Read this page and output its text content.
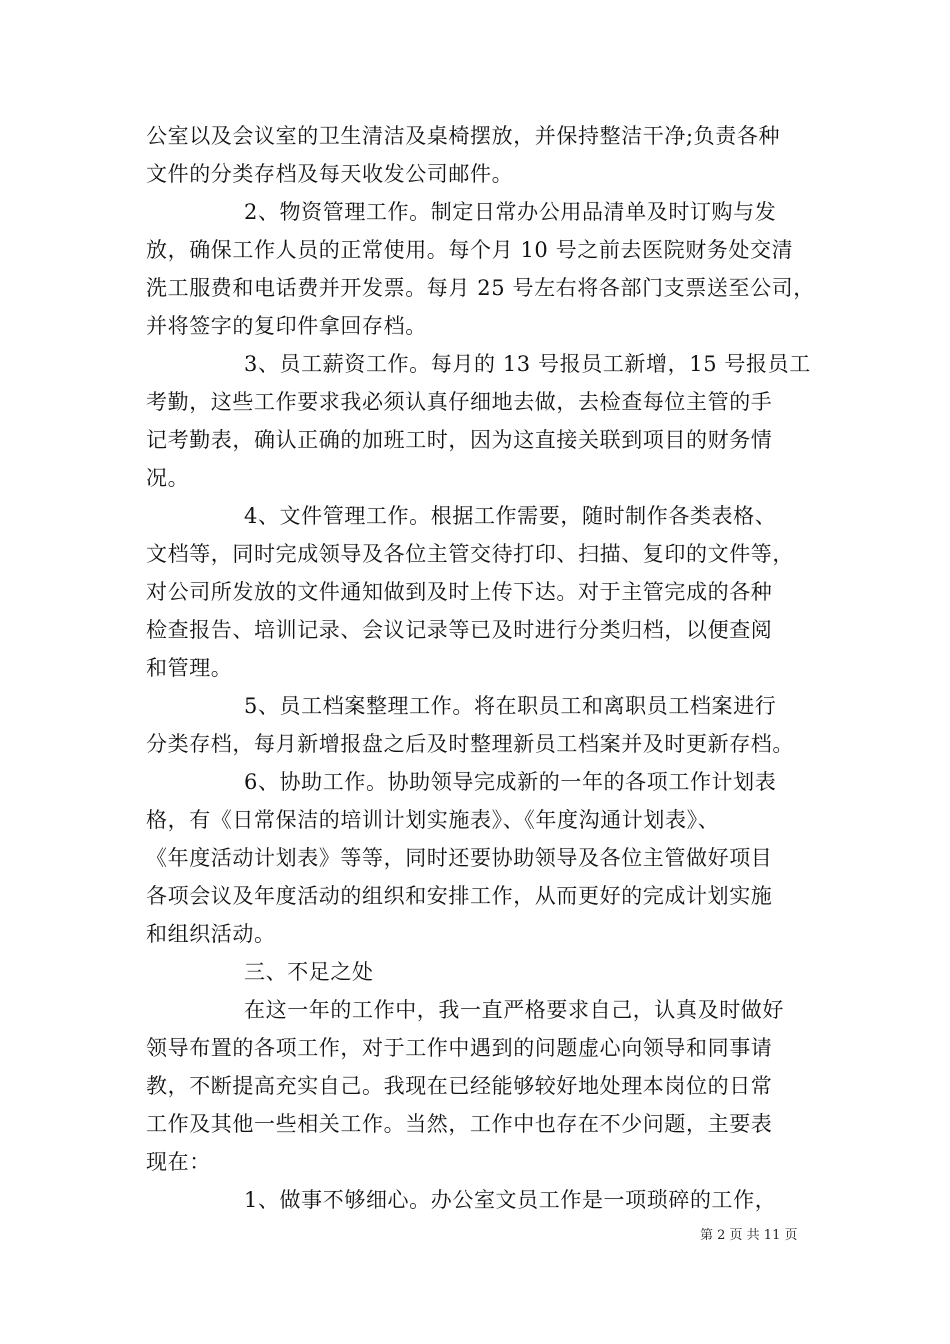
公室以及会议室的卫生清洁及桌椅摆放，并保持整洁干净;负责各种
文件的分类存档及每天收发公司邮件。
2、物资管理工作。制定日常办公用品清单及时订购与发
放，确保工作人员的正常使用。每个月 10 号之前去医院财务处交清
洗工服费和电话费并开发票。每月 25 号左右将各部门支票送至公司，
并将签字的复印件拿回存档。
3、员工薪资工作。每月的 13 号报员工新增，15 号报员工
考勤，这些工作要求我必须认真仔细地去做，去检查每位主管的手
记考勤表，确认正确的加班工时，因为这直接关联到项目的财务情
况。
4、文件管理工作。根据工作需要，随时制作各类表格、
文档等，同时完成领导及各位主管交待打印、扫描、复印的文件等，
对公司所发放的文件通知做到及时上传下达。对于主管完成的各种
检查报告、培训记录、会议记录等已及时进行分类归档，以便查阅
和管理。
5、员工档案整理工作。将在职员工和离职员工档案进行
分类存档，每月新增报盘之后及时整理新员工档案并及时更新存档。
6、协助工作。协助领导完成新的一年的各项工作计划表
格，有《日常保洁的培训计划实施表》、《年度沟通计划表》、
《年度活动计划表》等等，同时还要协助领导及各位主管做好项目
各项会议及年度活动的组织和安排工作，从而更好的完成计划实施
和组织活动。
三、不足之处
在这一年的工作中，我一直严格要求自己，认真及时做好
领导布置的各项工作，对于工作中遇到的问题虚心向领导和同事请
教，不断提高充实自己。我现在已经能够较好地处理本岗位的日常
工作及其他一些相关工作。当然，工作中也存在不少问题，主要表
现在：
1、做事不够细心。办公室文员工作是一项琐碎的工作，
第 2 页 共 11 页
